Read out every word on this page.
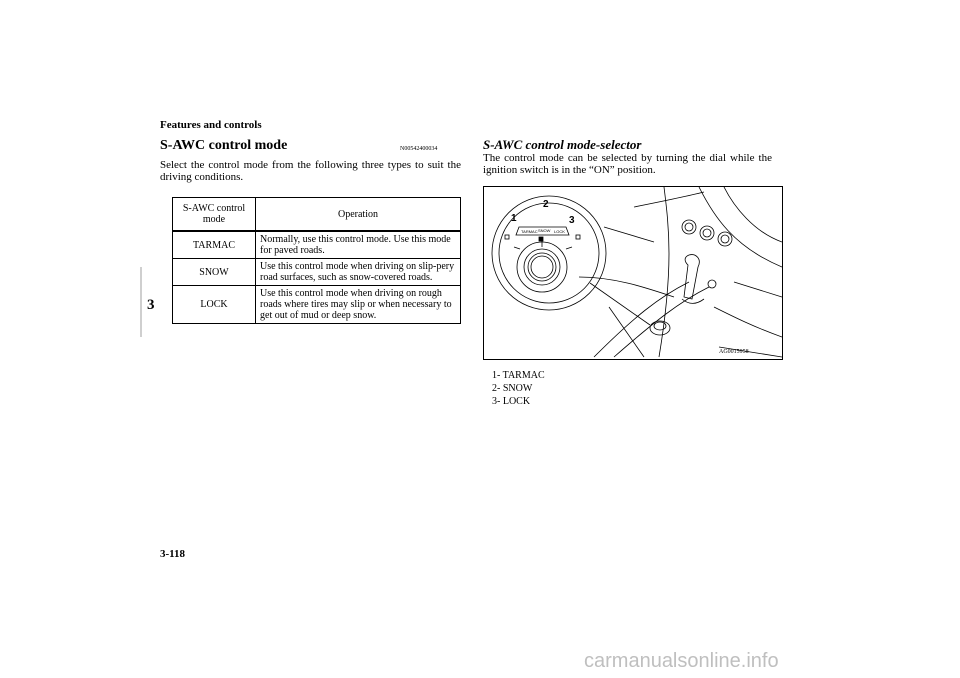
Features and controls
3
S-AWC control mode	N00542400034
Select the control mode from the following three types to suit the driving conditions.
S-AWC control mode	Operation
TARMAC	Normally, use this control mode. Use this mode for paved roads.
SNOW	Use this control mode when driving on slip-pery road surfaces, such as snow-covered roads.
LOCK	Use this control mode when driving on rough roads where tires may slip or when necessary to get out of mud or deep snow.
S-AWC control mode-selector
The control mode can be selected by turning the dial while the ignition switch is in the “ON” position.
1
2
3
TARMAC SNOW LOCK
AG0015958
1- TARMAC
2- SNOW
3- LOCK
3-118
carmanualsonline.info
